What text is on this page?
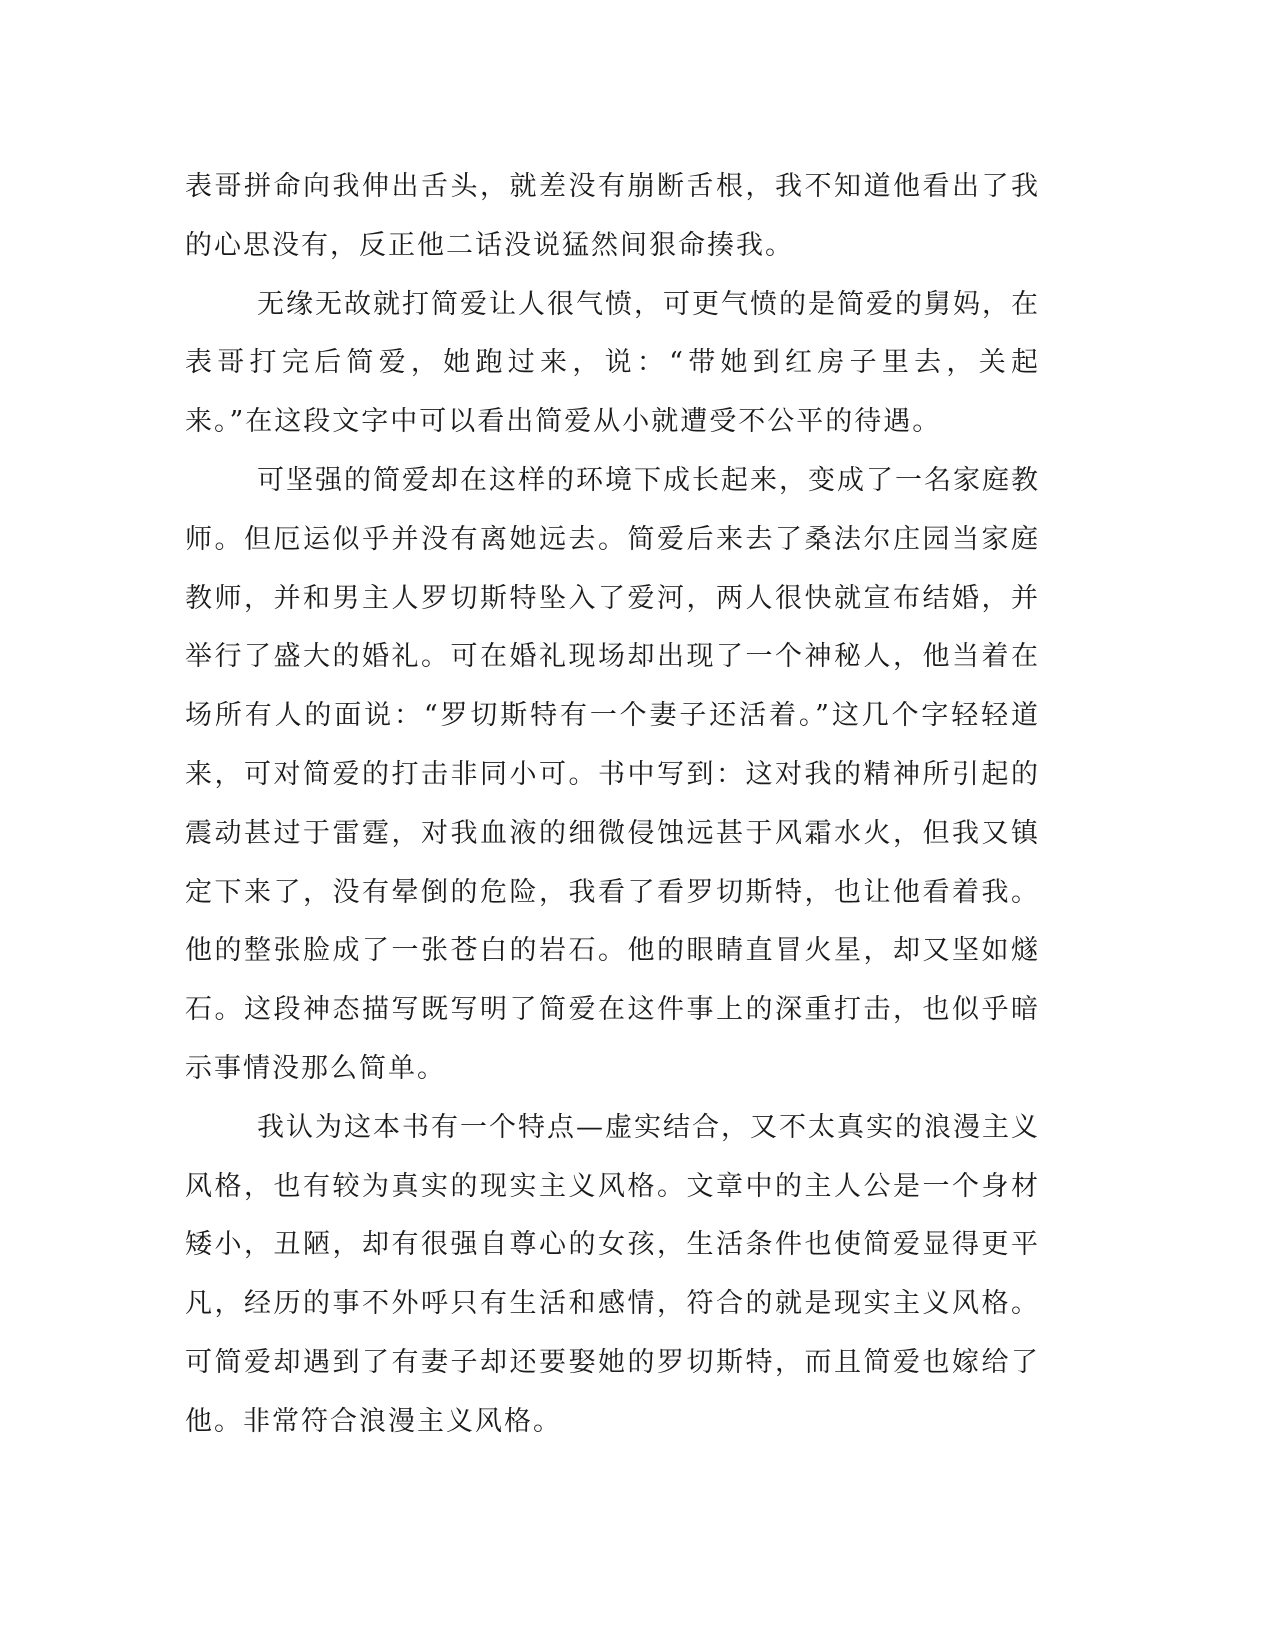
表哥拼命向我伸出舌头，就差没有崩断舌根，我不知道他看出了我的心思没有，反正他二话没说猛然间狠命揍我。

无缘无故就打简爱让人很气愤，可更气愤的是简爱的舅妈，在表哥打完后简爱，她跑过来，说：“带她到红房子里去，关起来。”在这段文字中可以看出简爱从小就遭受不公平的待遇。

可坚强的简爱却在这样的环境下成长起来，变成了一名家庭教师。但厄运似乎并没有离她远去。简爱后来去了桑法尔庄园当家庭教师，并和男主人罗切斯特坠入了爱河，两人很快就宣布结婚，并举行了盛大的婚礼。可在婚礼现场却出现了一个神秘人，他当着在场所有人的面说：“罗切斯特有一个妻子还活着。”这几个字轻轻道来，可对简爱的打击非同小可。书中写到：这对我的精神所引起的震动甚过于雷霆，对我血液的细微侵蚀远甚于风霜水火，但我又镇定下来了，没有晕倒的危险，我看了看罗切斯特，也让他看着我。他的整张脸成了一张苍白的岩石。他的眼睛直冒火星，却又坚如燧石。这段神态描写既写明了简爱在这件事上的深重打击，也似乎暗示事情没那么简单。

我认为这本书有一个特点—虚实结合，又不太真实的浪漫主义风格，也有较为真实的现实主义风格。文章中的主人公是一个身材矮小，丑陋，却有很强自尊心的女孩，生活条件也使简爱显得更平凡，经历的事不外呼只有生活和感情，符合的就是现实主义风格。可简爱却遇到了有妻子却还要娶她的罗切斯特，而且简爱也嫁给了他。非常符合浪漫主义风格。
